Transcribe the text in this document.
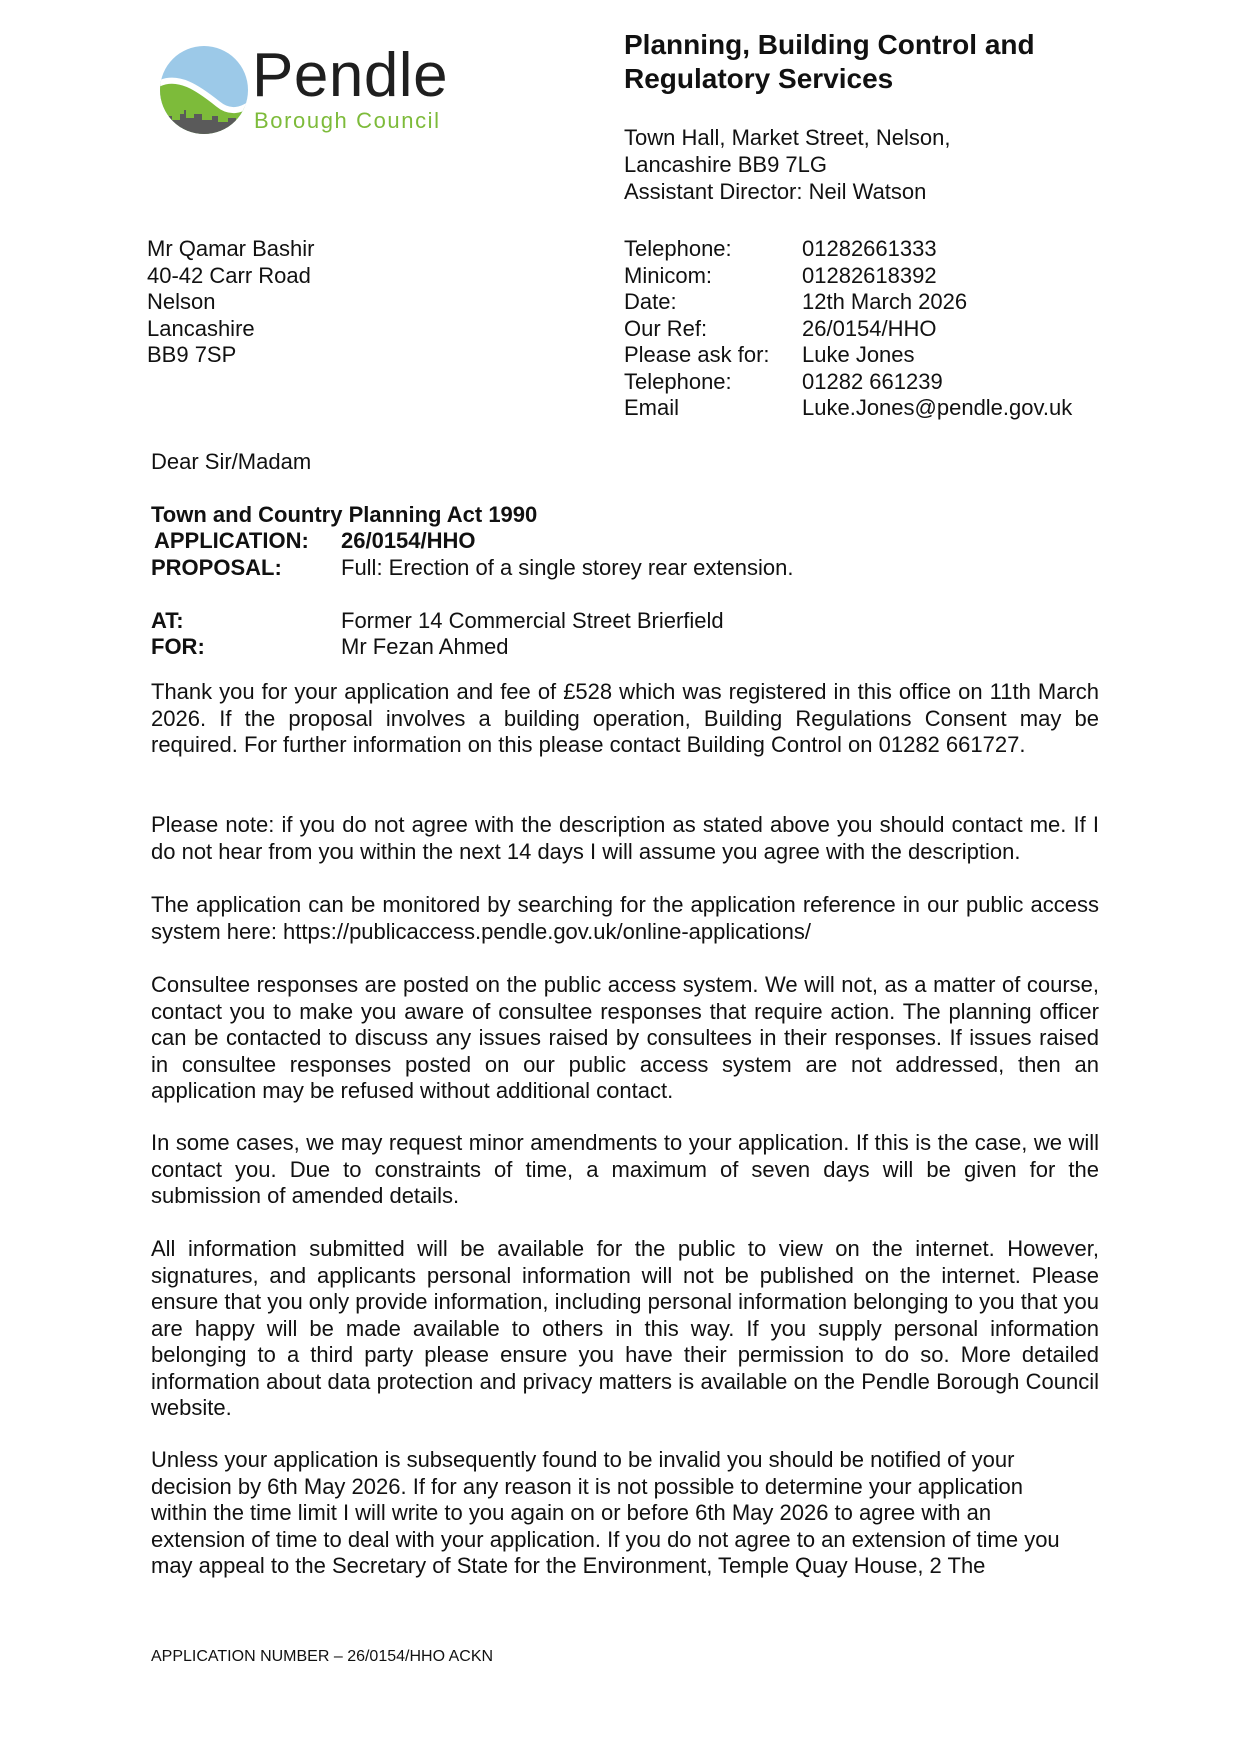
Pendle
Borough Council
Planning, Building Control and
Regulatory Services
Town Hall, Market Street, Nelson,
Lancashire BB9 7LG
Assistant Director: Neil Watson
Mr Qamar Bashir
40-42 Carr Road
Nelson
Lancashire
BB9 7SP
Telephone:	01282661333
Minicom:	01282618392
Date:	12th March 2026
Our Ref:	26/0154/HHO
Please ask for:	Luke Jones
Telephone:	01282 661239
Email	Luke.Jones@pendle.gov.uk
Dear Sir/Madam
Town and Country Planning Act 1990
APPLICATION:	26/0154/HHO
PROPOSAL:	Full: Erection of a single storey rear extension.
AT:	Former 14 Commercial Street Brierfield
FOR:	Mr Fezan Ahmed

Thank you for your application and fee of £528 which was registered in this office on 11th March 2026. If the proposal involves a building operation, Building Regulations Consent may be required. For further information on this please contact Building Control on 01282 661727.

Please note: if you do not agree with the description as stated above you should contact me. If I do not hear from you within the next 14 days I will assume you agree with the description.

The application can be monitored by searching for the application reference in our public access system here: https://publicaccess.pendle.gov.uk/online-applications/

Consultee responses are posted on the public access system. We will not, as a matter of course, contact you to make you aware of consultee responses that require action. The planning officer can be contacted to discuss any issues raised by consultees in their responses. If issues raised in consultee responses posted on our public access system are not addressed, then an application may be refused without additional contact.

In some cases, we may request minor amendments to your application. If this is the case, we will contact you. Due to constraints of time, a maximum of seven days will be given for the submission of amended details.

All information submitted will be available for the public to view on the internet. However, signatures, and applicants personal information will not be published on the internet. Please ensure that you only provide information, including personal information belonging to you that you are happy will be made available to others in this way. If you supply personal information belonging to a third party please ensure you have their permission to do so. More detailed information about data protection and privacy matters is available on the Pendle Borough Council website.

Unless your application is subsequently found to be invalid you should be notified of your decision by 6th May 2026. If for any reason it is not possible to determine your application within the time limit I will write to you again on or before 6th May 2026 to agree with an extension of time to deal with your application. If you do not agree to an extension of time you may appeal to the Secretary of State for the Environment, Temple Quay House, 2 The

APPLICATION NUMBER – 26/0154/HHO ACKN
